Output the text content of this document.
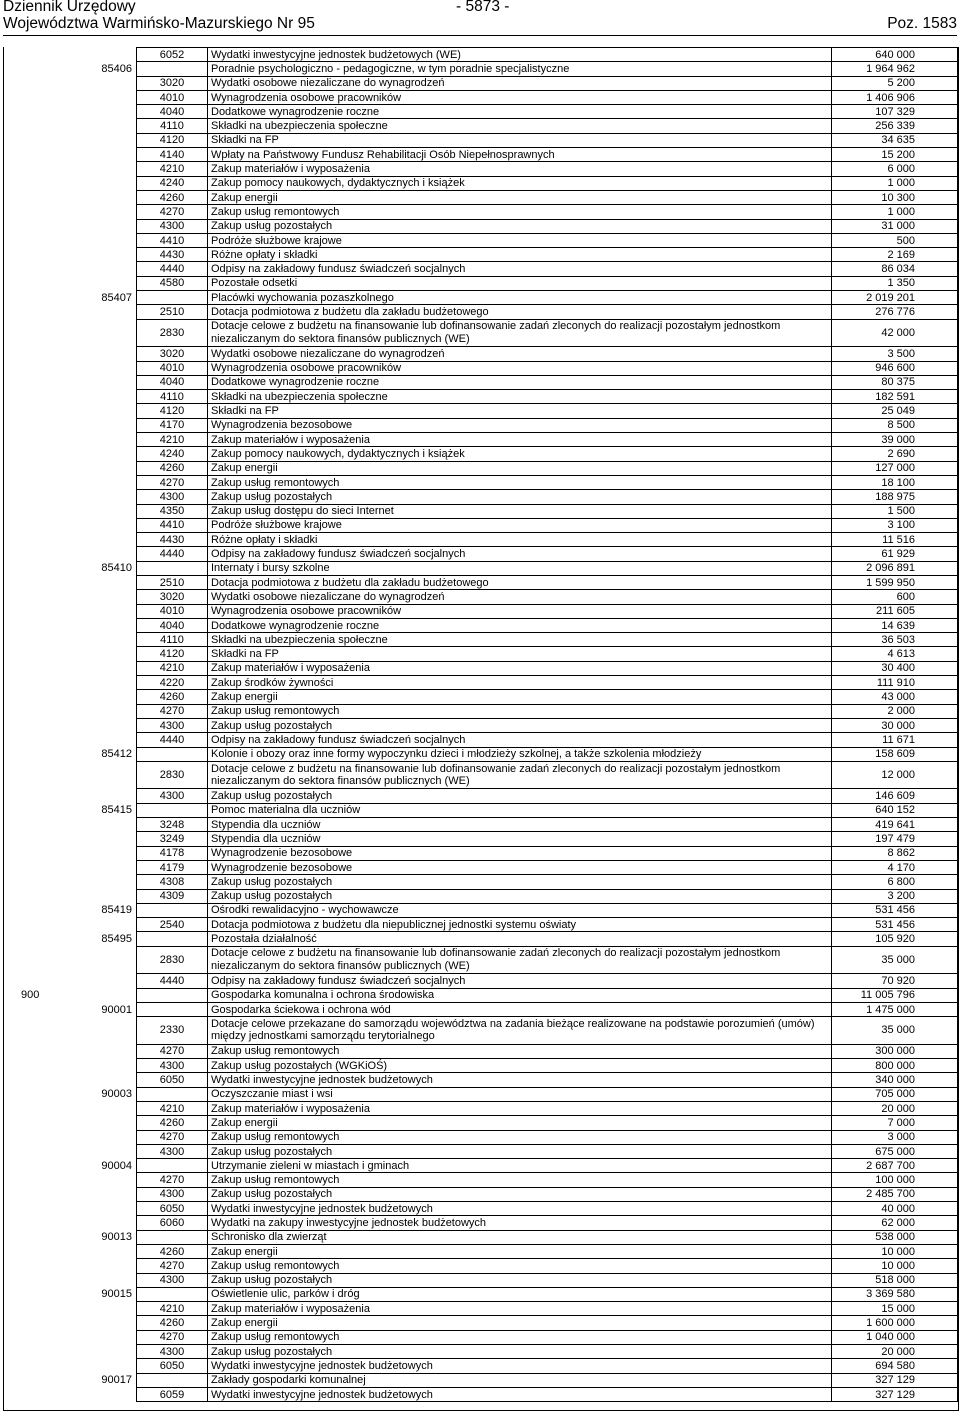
Dziennik Urzędowy
Województwa Warmińsko-Mazurskiego Nr 95
- 5873 -
Poz. 1583
		6052	Wydatki inwestycyjne jednostek budżetowych (WE)	640 000
	85406		Poradnie psychologiczno - pedagogiczne, w tym poradnie specjalistyczne	1 964 962
		3020	Wydatki osobowe niezaliczane do wynagrodzeń	5 200
		4010	Wynagrodzenia osobowe pracowników	1 406 906
		4040	Dodatkowe wynagrodzenie roczne	107 329
		4110	Składki na ubezpieczenia społeczne	256 339
		4120	Składki na FP	34 635
		4140	Wpłaty na Państwowy Fundusz Rehabilitacji Osób Niepełnosprawnych	15 200
		4210	Zakup materiałów i wyposażenia	6 000
		4240	Zakup pomocy naukowych, dydaktycznych i książek	1 000
		4260	Zakup energii	10 300
		4270	Zakup usług remontowych	1 000
		4300	Zakup usług pozostałych	31 000
		4410	Podróże służbowe krajowe	500
		4430	Różne opłaty i składki	2 169
		4440	Odpisy na zakładowy fundusz świadczeń socjalnych	86 034
		4580	Pozostałe odsetki	1 350
	85407		Placówki wychowania pozaszkolnego	2 019 201
		2510	Dotacja podmiotowa z budżetu dla zakładu budżetowego	276 776
		2830	Dotacje celowe z budżetu na finansowanie lub dofinansowanie zadań zleconych do realizacji pozostałym jednostkom niezaliczanym do sektora finansów publicznych (WE)	42 000
		3020	Wydatki osobowe niezaliczane do wynagrodzeń	3 500
		4010	Wynagrodzenia osobowe pracowników	946 600
		4040	Dodatkowe wynagrodzenie roczne	80 375
		4110	Składki na ubezpieczenia społeczne	182 591
		4120	Składki na FP	25 049
		4170	Wynagrodzenia bezosobowe	8 500
		4210	Zakup materiałów i wyposażenia	39 000
		4240	Zakup pomocy naukowych, dydaktycznych i książek	2 690
		4260	Zakup energii	127 000
		4270	Zakup usług remontowych	18 100
		4300	Zakup usług pozostałych	188 975
		4350	Zakup usług dostępu do sieci Internet	1 500
		4410	Podróże służbowe krajowe	3 100
		4430	Różne opłaty i składki	11 516
		4440	Odpisy na zakładowy fundusz świadczeń socjalnych	61 929
	85410		Internaty i bursy szkolne	2 096 891
		2510	Dotacja podmiotowa z budżetu dla zakładu budżetowego	1 599 950
		3020	Wydatki osobowe niezaliczane do wynagrodzeń	600
		4010	Wynagrodzenia osobowe pracowników	211 605
		4040	Dodatkowe wynagrodzenie roczne	14 639
		4110	Składki na ubezpieczenia społeczne	36 503
		4120	Składki na FP	4 613
		4210	Zakup materiałów i wyposażenia	30 400
		4220	Zakup środków żywności	111 910
		4260	Zakup energii	43 000
		4270	Zakup usług remontowych	2 000
		4300	Zakup usług pozostałych	30 000
		4440	Odpisy na zakładowy fundusz świadczeń socjalnych	11 671
	85412		Kolonie i obozy oraz inne formy wypoczynku dzieci i młodzieży szkolnej, a także szkolenia młodzieży	158 609
		2830	Dotacje celowe z budżetu na finansowanie lub dofinansowanie zadań zleconych do realizacji pozostałym jednostkom niezaliczanym do sektora finansów publicznych (WE)	12 000
		4300	Zakup usług pozostałych	146 609
	85415		Pomoc materialna dla uczniów	640 152
		3248	Stypendia dla uczniów	419 641
		3249	Stypendia dla uczniów	197 479
		4178	Wynagrodzenie bezosobowe	8 862
		4179	Wynagrodzenie bezosobowe	4 170
		4308	Zakup usług pozostałych	6 800
		4309	Zakup usług pozostałych	3 200
	85419		Ośrodki rewalidacyjno - wychowawcze	531 456
		2540	Dotacja podmiotowa z budżetu dla niepublicznej jednostki systemu oświaty	531 456
	85495		Pozostała działalność	105 920
		2830	Dotacje celowe z budżetu na finansowanie lub dofinansowanie zadań zleconych do realizacji pozostałym jednostkom niezaliczanym do sektora finansów publicznych (WE)	35 000
		4440	Odpisy na zakładowy fundusz świadczeń socjalnych	70 920
900			Gospodarka komunalna i ochrona środowiska	11 005 796
	90001		Gospodarka ściekowa i ochrona wód	1 475 000
		2330	Dotacje celowe przekazane do samorządu województwa na zadania bieżące realizowane na podstawie porozumień (umów) między jednostkami samorządu terytorialnego	35 000
		4270	Zakup usług remontowych	300 000
		4300	Zakup usług pozostałych (WGKiOŚ)	800 000
		6050	Wydatki inwestycyjne jednostek budżetowych	340 000
	90003		Oczyszczanie miast i wsi	705 000
		4210	Zakup materiałów i wyposażenia	20 000
		4260	Zakup energii	7 000
		4270	Zakup usług remontowych	3 000
		4300	Zakup usług pozostałych	675 000
	90004		Utrzymanie zieleni w miastach i gminach	2 687 700
		4270	Zakup usług remontowych	100 000
		4300	Zakup usług pozostałych	2 485 700
		6050	Wydatki inwestycyjne jednostek budżetowych	40 000
		6060	Wydatki na zakupy inwestycyjne jednostek budżetowych	62 000
	90013		Schronisko dla zwierząt	538 000
		4260	Zakup energii	10 000
		4270	Zakup usług remontowych	10 000
		4300	Zakup usług pozostałych	518 000
	90015		Oświetlenie ulic, parków i dróg	3 369 580
		4210	Zakup materiałów i wyposażenia	15 000
		4260	Zakup energii	1 600 000
		4270	Zakup usług remontowych	1 040 000
		4300	Zakup usług pozostałych	20 000
		6050	Wydatki inwestycyjne jednostek budżetowych	694 580
	90017		Zakłady gospodarki komunalnej	327 129
		6059	Wydatki inwestycyjne jednostek budżetowych	327 129
